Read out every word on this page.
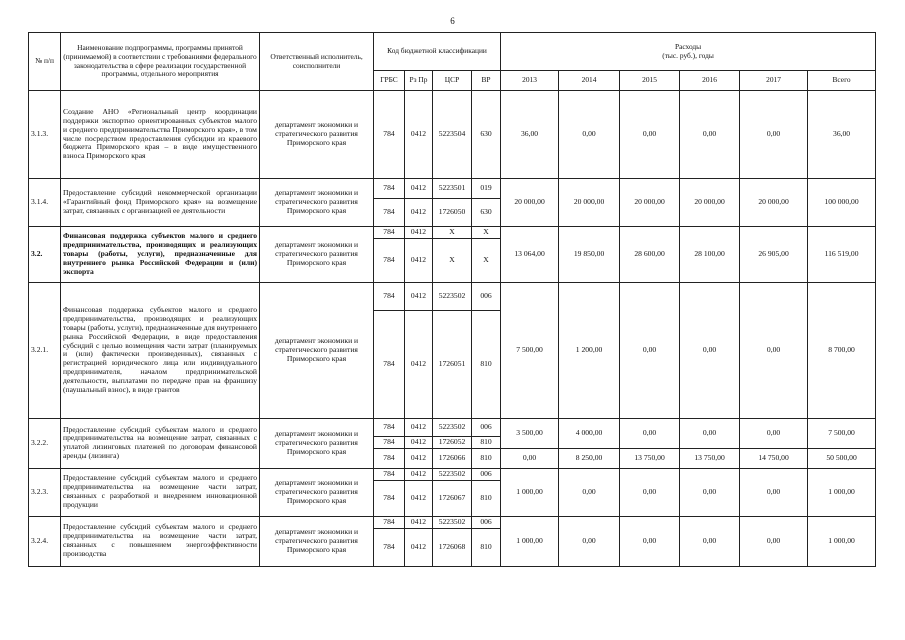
6
№ п/п	Наименование подпрограммы, программы принятой (принимаемой) в соответствии с требованиями федерального законодательства в сфере реализации государственной программы, отдельного мероприятия	Ответственный исполнитель, соисполнители	Код бюджетной классификации				Расходы
(тыс. руб.), годы					
			ГРБС	Рз Пр	ЦСР	ВР	2013	2014	2015	2016	2017	Всего
3.1.3.	Создание АНО «Региональный центр координации поддержки экспортно ориентированных субъектов малого и среднего предпринимательства Приморского края», в том числе посредством предоставления субсидии из краевого бюджета Приморского края – в виде имущественного взноса Приморского края	департамент экономики и стратегического развития Приморского края	784	0412	5223504	630	36,00	0,00	0,00	0,00	0,00	36,00
3.1.4.	Предоставление субсидий некоммерческой организации «Гарантийный фонд Приморского края» на возмещение затрат, связанных с организацией ее деятельности	департамент экономики и стратегического развития Приморского края	784	0412	5223501	019	20 000,00	20 000,00	20 000,00	20 000,00	20 000,00	100 000,00
			784	0412	1726050	630						
3.2.	Финансовая поддержка субъектов малого и среднего предпринимательства, производящих и реализующих товары (работы, услуги), предназначенные для внутреннего рынка Российской Федерации и (или) экспорта	департамент экономики и стратегического развития Приморского края	784	0412	X	X	13 064,00	19 850,00	28 600,00	28 100,00	26 905,00	116 519,00
			784	0412	X	X						
3.2.1.	Финансовая поддержка субъектов малого и среднего предпринимательства, производящих и реализующих товары (работы, услуги), предназначенные для внутреннего рынка Российской Федерации, в виде предоставления субсидий с целью возмещения части затрат (планируемых и (или) фактически произведенных), связанных с регистрацией юридического лица или индивидуального предпринимателя, началом предпринимательской деятельности, выплатами по передаче прав на франшизу (паушальный взнос), в виде грантов	департамент экономики и стратегического развития Приморского края	784	0412	5223502	006	7 500,00	1 200,00	0,00	0,00	0,00	8 700,00
			784	0412	1726051	810						
3.2.2.	Предоставление субсидий субъектам малого и среднего предпринимательства на возмещение затрат, связанных с уплатой лизинговых платежей по договорам финансовой аренды (лизинга)	департамент экономики и стратегического развития Приморского края	784	0412	5223502	006	3 500,00	4 000,00	0,00	0,00	0,00	7 500,00
			784	0412	1726052	810						
			784	0412	1726066	810	0,00	8 250,00	13 750,00	13 750,00	14 750,00	50 500,00
3.2.3.	Предоставление субсидий субъектам малого и среднего предпринимательства на возмещение части затрат, связанных с разработкой и внедрением инновационной продукции	департамент экономики и стратегического развития Приморского края	784	0412	5223502	006	1 000,00	0,00	0,00	0,00	0,00	1 000,00
			784	0412	1726067	810						
3.2.4.	Предоставление субсидий субъектам малого и среднего предпринимательства на возмещение части затрат, связанных с повышением энергоэффективности производства	департамент экономики и стратегического развития Приморского края	784	0412	5223502	006	1 000,00	0,00	0,00	0,00	0,00	1 000,00
			784	0412	1726068	810						
